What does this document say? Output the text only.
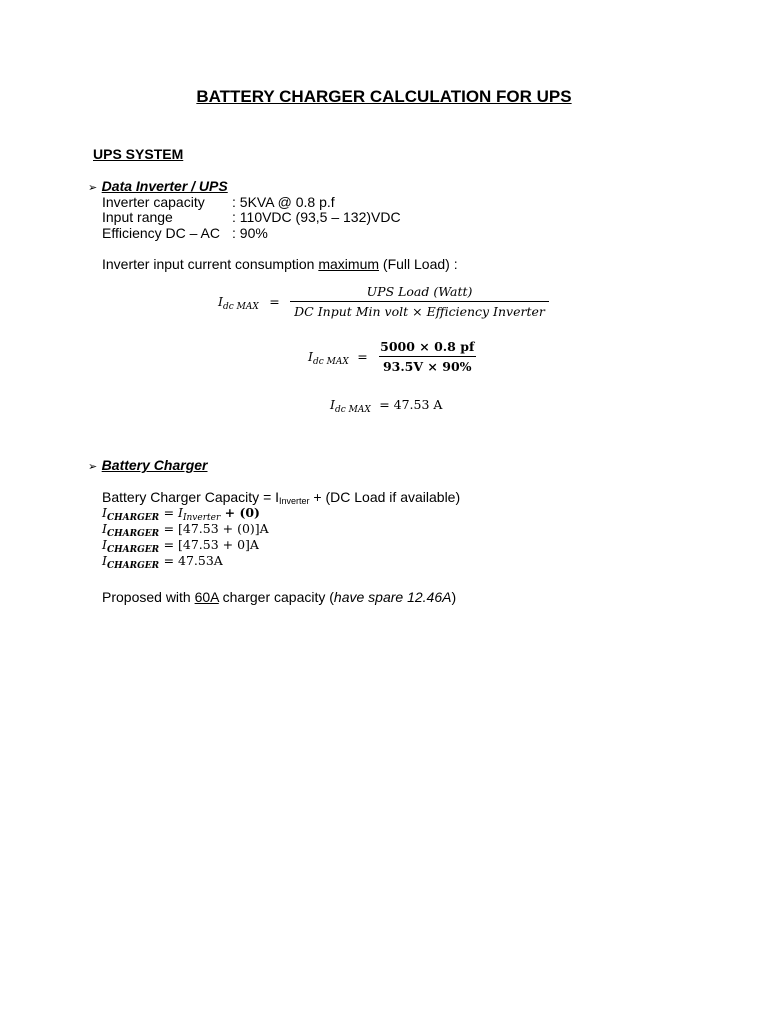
BATTERY CHARGER CALCULATION FOR UPS
UPS SYSTEM
➢ Data Inverter / UPS
Inverter capacity : 5KVA @ 0.8 p.f
Input range	: 110VDC (93,5 – 132)VDC
Efficiency DC – AC : 90%
Inverter input current consumption maximum (Full Load) :
$I_{dc MAX} = \frac{\text{UPS Load (Watt)}}{\text{DC Input Min volt × Efficiency Inverter}}$
$I_{dc MAX} = \frac{5000 \times 0.8 pf}{93.5V \times 90\%}$
$I_{dc MAX} = 47.53$ A
➢ Battery Charger
Battery Charger Capacity = IInverter + (DC Load if available)
$I_{CHARGER} = I_{Inverter} + (0)$
$I_{CHARGER} = [47.53 + (0)]A$
$I_{CHARGER} = [47.53 + 0]A$
$I_{CHARGER} = 47.53A$
Proposed with 60A charger capacity (have spare 12.46A)
